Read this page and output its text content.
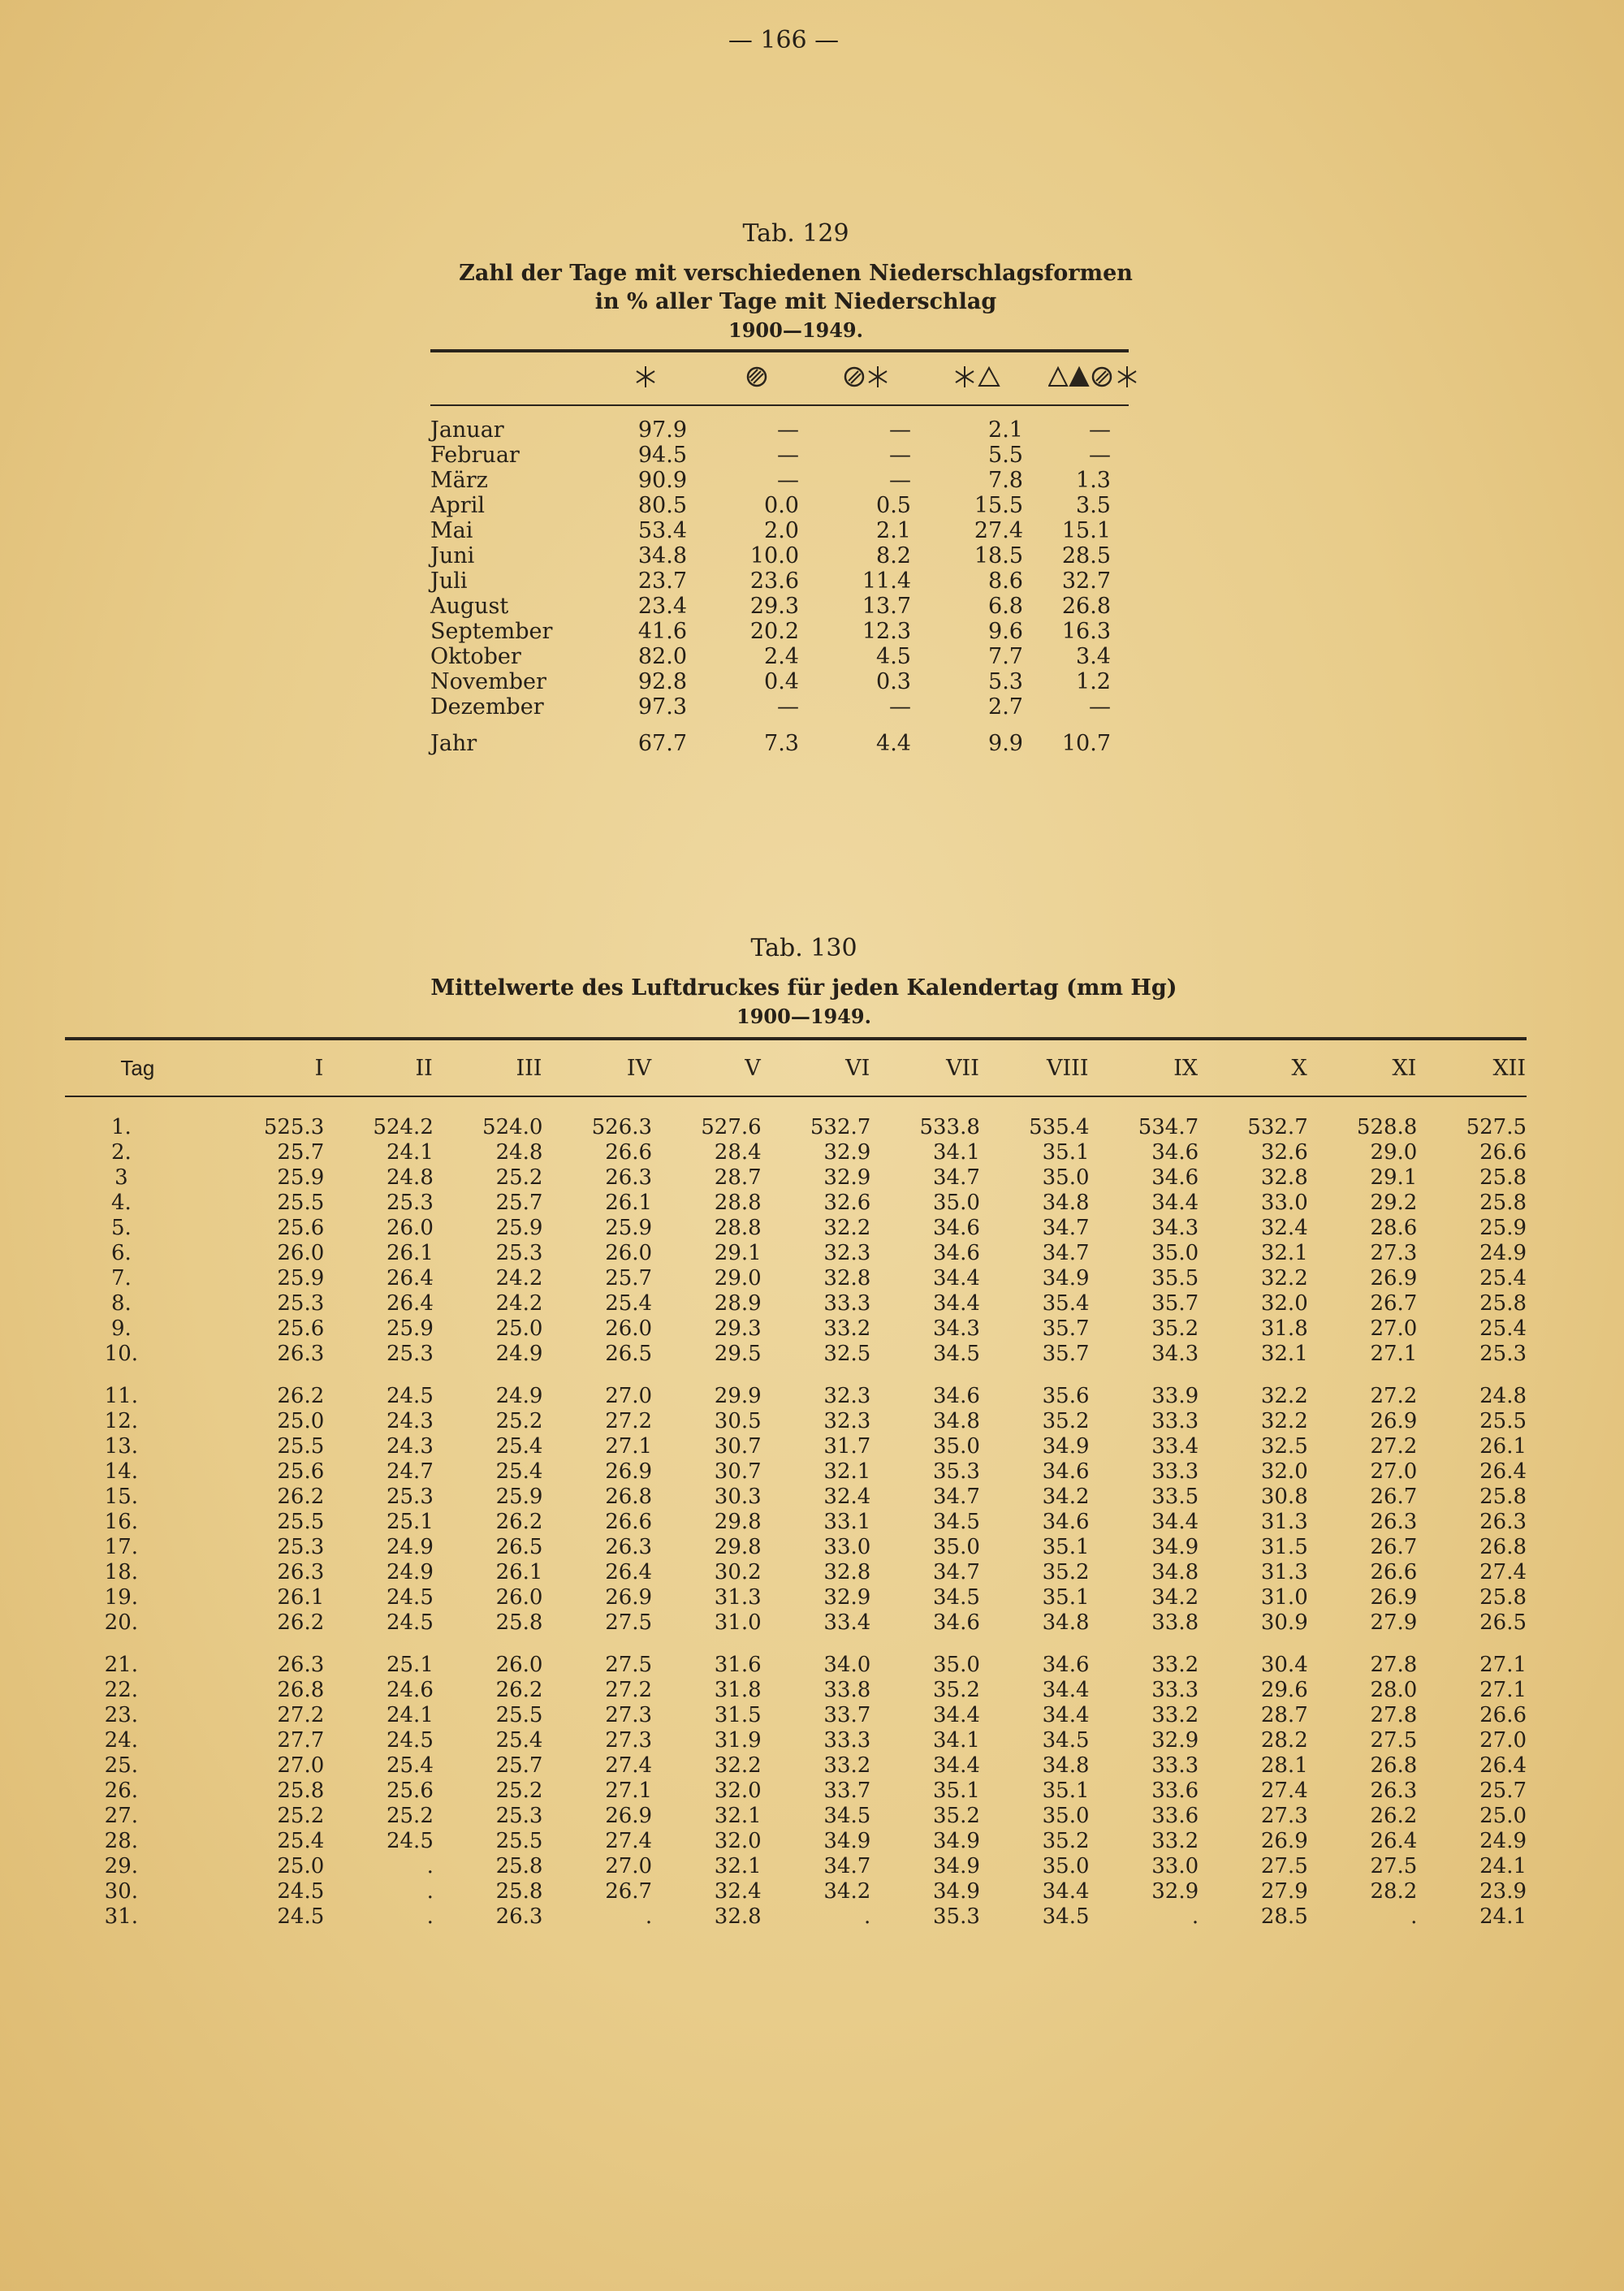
— 166 —
Tab. 129
Zahl der Tage mit verschiedenen Niederschlagsformen
in % aller Tage mit Niederschlag
1900—1949.
Januar	97.9	—	—	2.1	—	
Februar	94.5	—	—	5.5	—	
März	90.9	—	—	7.8	1.3	
April	80.5	0.0	0.5	15.5	3.5	
Mai	53.4	2.0	2.1	27.4	15.1	
Juni	34.8	10.0	8.2	18.5	28.5	
Juli	23.7	23.6	11.4	8.6	32.7	
August	23.4	29.3	13.7	6.8	26.8	
September	41.6	20.2	12.3	9.6	16.3	
Oktober	82.0	2.4	4.5	7.7	3.4	
November	92.8	0.4	0.3	5.3	1.2	
Dezember	97.3	—	—	2.7	—	
Jahr	67.7	7.3	4.4	9.9	10.7	
Tab. 130
Mittelwerte des Luftdruckes für jeden Kalendertag (mm Hg)
1900—1949.
Tag	I	II	III	IV	V	VI	VII	VIII	IX	X	XI	XII
1.	525.3	524.2	524.0	526.3	527.6	532.7	533.8	535.4	534.7	532.7	528.8	527.5
2.	25.7	24.1	24.8	26.6	28.4	32.9	34.1	35.1	34.6	32.6	29.0	26.6
3	25.9	24.8	25.2	26.3	28.7	32.9	34.7	35.0	34.6	32.8	29.1	25.8
4.	25.5	25.3	25.7	26.1	28.8	32.6	35.0	34.8	34.4	33.0	29.2	25.8
5.	25.6	26.0	25.9	25.9	28.8	32.2	34.6	34.7	34.3	32.4	28.6	25.9
6.	26.0	26.1	25.3	26.0	29.1	32.3	34.6	34.7	35.0	32.1	27.3	24.9
7.	25.9	26.4	24.2	25.7	29.0	32.8	34.4	34.9	35.5	32.2	26.9	25.4
8.	25.3	26.4	24.2	25.4	28.9	33.3	34.4	35.4	35.7	32.0	26.7	25.8
9.	25.6	25.9	25.0	26.0	29.3	33.2	34.3	35.7	35.2	31.8	27.0	25.4
10.	26.3	25.3	24.9	26.5	29.5	32.5	34.5	35.7	34.3	32.1	27.1	25.3
11.	26.2	24.5	24.9	27.0	29.9	32.3	34.6	35.6	33.9	32.2	27.2	24.8
12.	25.0	24.3	25.2	27.2	30.5	32.3	34.8	35.2	33.3	32.2	26.9	25.5
13.	25.5	24.3	25.4	27.1	30.7	31.7	35.0	34.9	33.4	32.5	27.2	26.1
14.	25.6	24.7	25.4	26.9	30.7	32.1	35.3	34.6	33.3	32.0	27.0	26.4
15.	26.2	25.3	25.9	26.8	30.3	32.4	34.7	34.2	33.5	30.8	26.7	25.8
16.	25.5	25.1	26.2	26.6	29.8	33.1	34.5	34.6	34.4	31.3	26.3	26.3
17.	25.3	24.9	26.5	26.3	29.8	33.0	35.0	35.1	34.9	31.5	26.7	26.8
18.	26.3	24.9	26.1	26.4	30.2	32.8	34.7	35.2	34.8	31.3	26.6	27.4
19.	26.1	24.5	26.0	26.9	31.3	32.9	34.5	35.1	34.2	31.0	26.9	25.8
20.	26.2	24.5	25.8	27.5	31.0	33.4	34.6	34.8	33.8	30.9	27.9	26.5
21.	26.3	25.1	26.0	27.5	31.6	34.0	35.0	34.6	33.2	30.4	27.8	27.1
22.	26.8	24.6	26.2	27.2	31.8	33.8	35.2	34.4	33.3	29.6	28.0	27.1
23.	27.2	24.1	25.5	27.3	31.5	33.7	34.4	34.4	33.2	28.7	27.8	26.6
24.	27.7	24.5	25.4	27.3	31.9	33.3	34.1	34.5	32.9	28.2	27.5	27.0
25.	27.0	25.4	25.7	27.4	32.2	33.2	34.4	34.8	33.3	28.1	26.8	26.4
26.	25.8	25.6	25.2	27.1	32.0	33.7	35.1	35.1	33.6	27.4	26.3	25.7
27.	25.2	25.2	25.3	26.9	32.1	34.5	35.2	35.0	33.6	27.3	26.2	25.0
28.	25.4	24.5	25.5	27.4	32.0	34.9	34.9	35.2	33.2	26.9	26.4	24.9
29.	25.0	.	25.8	27.0	32.1	34.7	34.9	35.0	33.0	27.5	27.5	24.1
30.	24.5	.	25.8	26.7	32.4	34.2	34.9	34.4	32.9	27.9	28.2	23.9
31.	24.5	.	26.3	.	32.8	.	35.3	34.5	.	28.5	.	24.1
